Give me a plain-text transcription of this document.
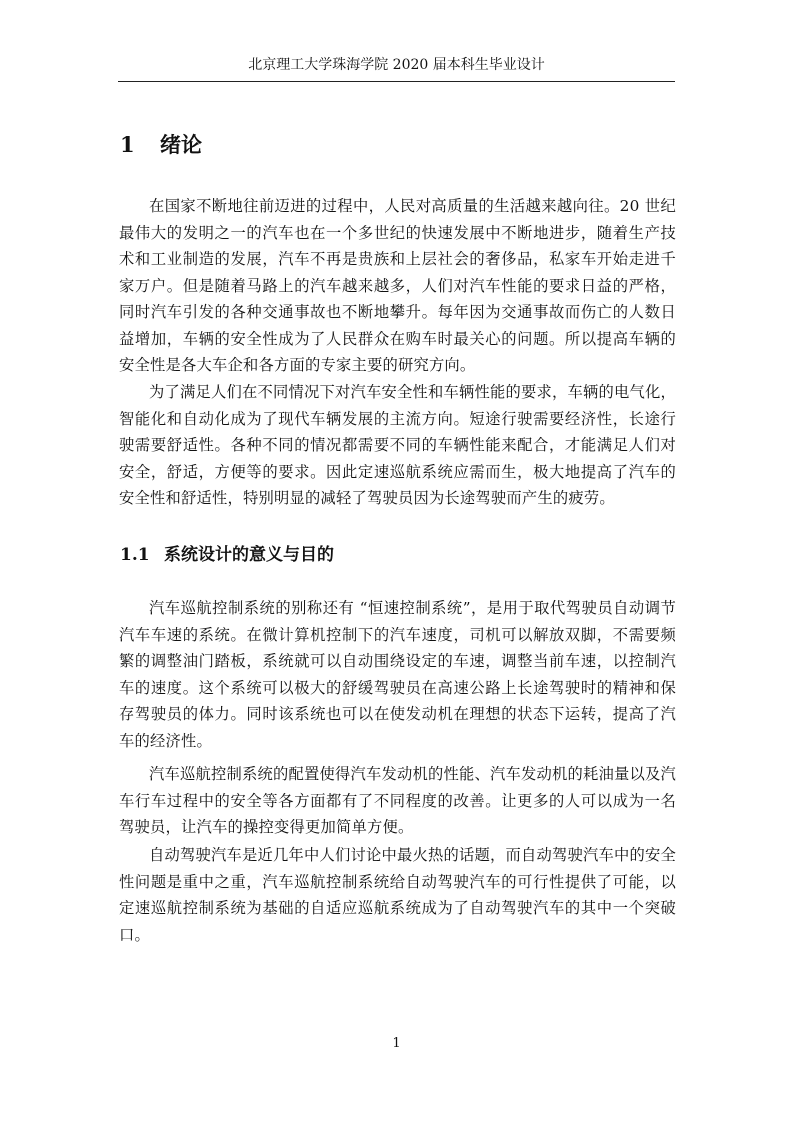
北京理工大学珠海学院 2020 届本科生毕业设计
1 绪论

在国家不断地往前迈进的过程中，人民对高质量的生活越来越向往。20 世纪最伟大的发明之一的汽车也在一个多世纪的快速发展中不断地进步，随着生产技术和工业制造的发展，汽车不再是贵族和上层社会的奢侈品，私家车开始走进千家万户。但是随着马路上的汽车越来越多，人们对汽车性能的要求日益的严格，同时汽车引发的各种交通事故也不断地攀升。每年因为交通事故而伤亡的人数日益增加，车辆的安全性成为了人民群众在购车时最关心的问题。所以提高车辆的安全性是各大车企和各方面的专家主要的研究方向。

为了满足人们在不同情况下对汽车安全性和车辆性能的要求，车辆的电气化，智能化和自动化成为了现代车辆发展的主流方向。短途行驶需要经济性，长途行驶需要舒适性。各种不同的情况都需要不同的车辆性能来配合，才能满足人们对安全，舒适，方便等的要求。因此定速巡航系统应需而生，极大地提高了汽车的安全性和舒适性，特别明显的减轻了驾驶员因为长途驾驶而产生的疲劳。

1.1 系统设计的意义与目的

汽车巡航控制系统的别称还有 “恒速控制系统”，是用于取代驾驶员自动调节汽车车速的系统。在微计算机控制下的汽车速度，司机可以解放双脚，不需要频繁的调整油门踏板，系统就可以自动围绕设定的车速，调整当前车速，以控制汽车的速度。这个系统可以极大的舒缓驾驶员在高速公路上长途驾驶时的精神和保存驾驶员的体力。同时该系统也可以在使发动机在理想的状态下运转，提高了汽车的经济性。

汽车巡航控制系统的配置使得汽车发动机的性能、汽车发动机的耗油量以及汽车行车过程中的安全等各方面都有了不同程度的改善。让更多的人可以成为一名驾驶员，让汽车的操控变得更加简单方便。

自动驾驶汽车是近几年中人们讨论中最火热的话题，而自动驾驶汽车中的安全性问题是重中之重，汽车巡航控制系统给自动驾驶汽车的可行性提供了可能，以定速巡航控制系统为基础的自适应巡航系统成为了自动驾驶汽车的其中一个突破口。

1
